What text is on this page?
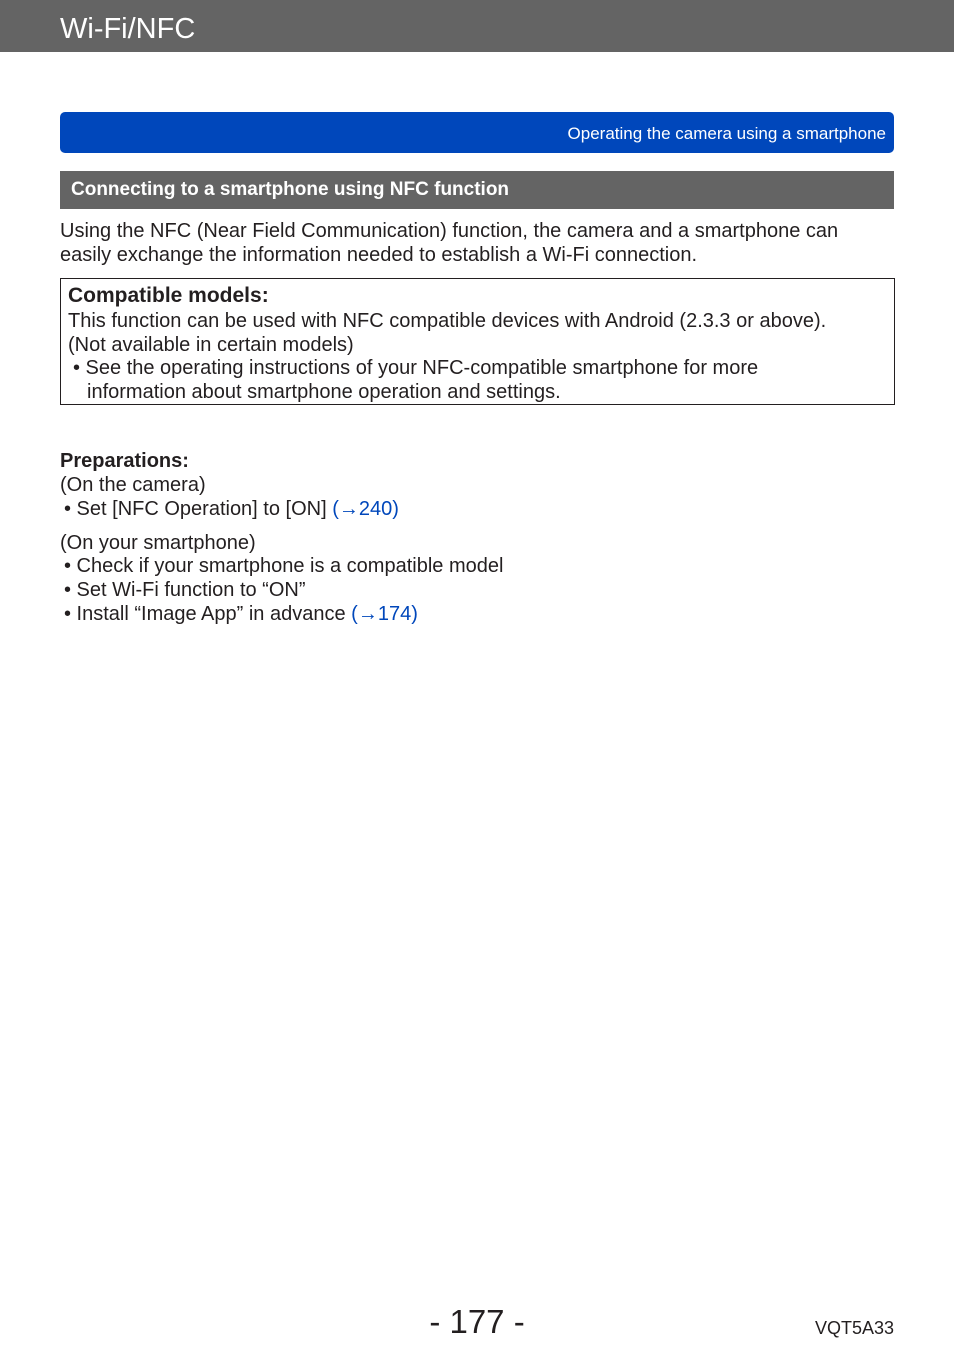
Wi-Fi/NFC
Operating the camera using a smartphone
Connecting to a smartphone using NFC function
Using the NFC (Near Field Communication) function, the camera and a smartphone can
easily exchange the information needed to establish a Wi-Fi connection.
Compatible models:
This function can be used with NFC compatible devices with Android (2.3.3 or above).
(Not available in certain models)
• See the operating instructions of your NFC-compatible smartphone for more
information about smartphone operation and settings.
Preparations:
(On the camera)
• Set [NFC Operation] to [ON] (→240)
(On your smartphone)
• Check if your smartphone is a compatible model
• Set Wi-Fi function to “ON”
• Install “Image App” in advance (→174)
- 177 -	VQT5A33
